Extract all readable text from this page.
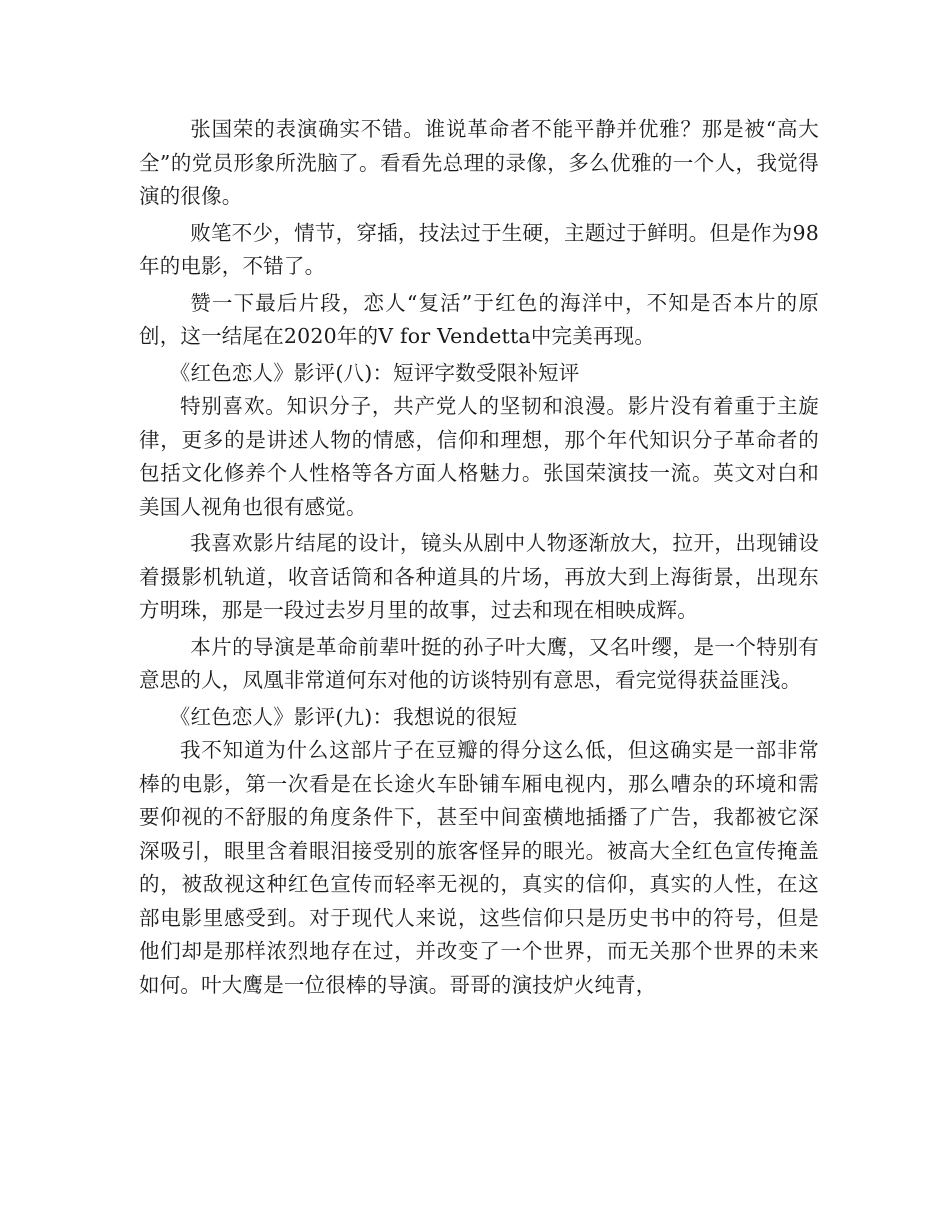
张国荣的表演确实不错。谁说革命者不能平静并优雅？那是被“高大全”的党员形象所洗脑了。看看先总理的录像，多么优雅的一个人，我觉得演的很像。

败笔不少，情节，穿插，技法过于生硬，主题过于鲜明。但是作为98年的电影，不错了。

赞一下最后片段，恋人“复活”于红色的海洋中，不知是否本片的原创，这一结尾在2020年的V for Vendetta中完美再现。

《红色恋人》影评(八)：短评字数受限补短评

特别喜欢。知识分子，共产党人的坚韧和浪漫。影片没有着重于主旋律，更多的是讲述人物的情感，信仰和理想，那个年代知识分子革命者的包括文化修养个人性格等各方面人格魅力。张国荣演技一流。英文对白和美国人视角也很有感觉。

我喜欢影片结尾的设计，镜头从剧中人物逐渐放大，拉开，出现铺设着摄影机轨道，收音话筒和各种道具的片场，再放大到上海街景，出现东方明珠，那是一段过去岁月里的故事，过去和现在相映成辉。

本片的导演是革命前辈叶挺的孙子叶大鹰，又名叶缨，是一个特别有意思的人，凤凰非常道何东对他的访谈特别有意思，看完觉得获益匪浅。

《红色恋人》影评(九)：我想说的很短

我不知道为什么这部片子在豆瓣的得分这么低，但这确实是一部非常棒的电影，第一次看是在长途火车卧铺车厢电视内，那么嘈杂的环境和需要仰视的不舒服的角度条件下，甚至中间蛮横地插播了广告，我都被它深深吸引，眼里含着眼泪接受别的旅客怪异的眼光。被高大全红色宣传掩盖的，被敌视这种红色宣传而轻率无视的，真实的信仰，真实的人性，在这部电影里感受到。对于现代人来说，这些信仰只是历史书中的符号，但是他们却是那样浓烈地存在过，并改变了一个世界，而无关那个世界的未来如何。叶大鹰是一位很棒的导演。哥哥的演技炉火纯青，
